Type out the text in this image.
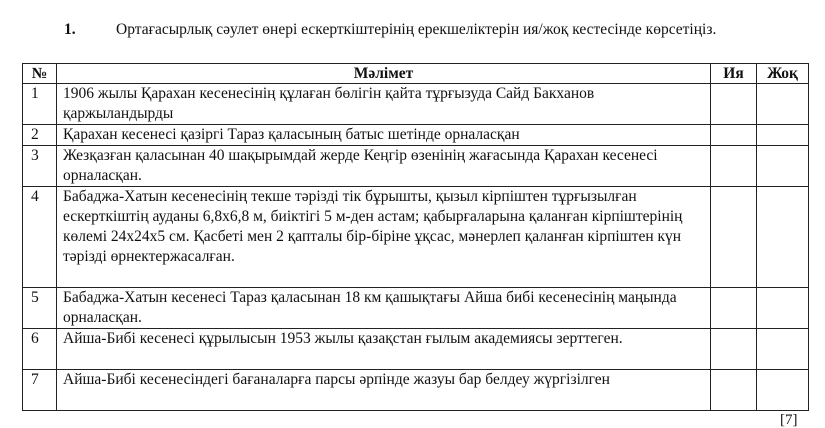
1.	Ортағасырлық сәулет өнері ескерткіштерінің ерекшеліктерін ия/жоқ кестесінде көрсетіңіз.
№	Мәлімет	Ия	Жоқ
1	1906 жылы Қарахан кесенесінің құлаған бөлігін қайта тұрғызуда Сайд Бакханов қаржыландырды		
2	Қарахан кесенесі қазіргі Тараз қаласының батыс шетінде орналасқан		
3	Жезқазған қаласынан 40 шақырымдай жерде Кеңгір өзенінің жағасында Қарахан кесенесі орналасқан.		
4	Бабаджа-Хатын кесенесінің текше тәрізді тік бұрышты, қызыл кірпіштен тұрғызылған ескерткіштің ауданы 6,8х6,8 м, биіктігі 5 м-ден астам; қабырғаларына қаланған кірпіштерінің көлемі 24х24х5 см. Қасбеті мен 2 қапталы бір-біріне ұқсас, мәнерлеп қаланған кірпіштен күн тәрізді өрнектержасалған.		
5	Бабаджа-Хатын кесенесі Тараз қаласынан 18 км қашықтағы Айша бибі кесенесінің маңында орналасқан.		
6	Айша-Бибі кесенесі құрылысын 1953 жылы қазақстан ғылым академиясы зерттеген.		
7	Айша-Бибі кесенесіндегі бағаналарға парсы әрпінде жазуы бар белдеу жүргізілген		
[7]
